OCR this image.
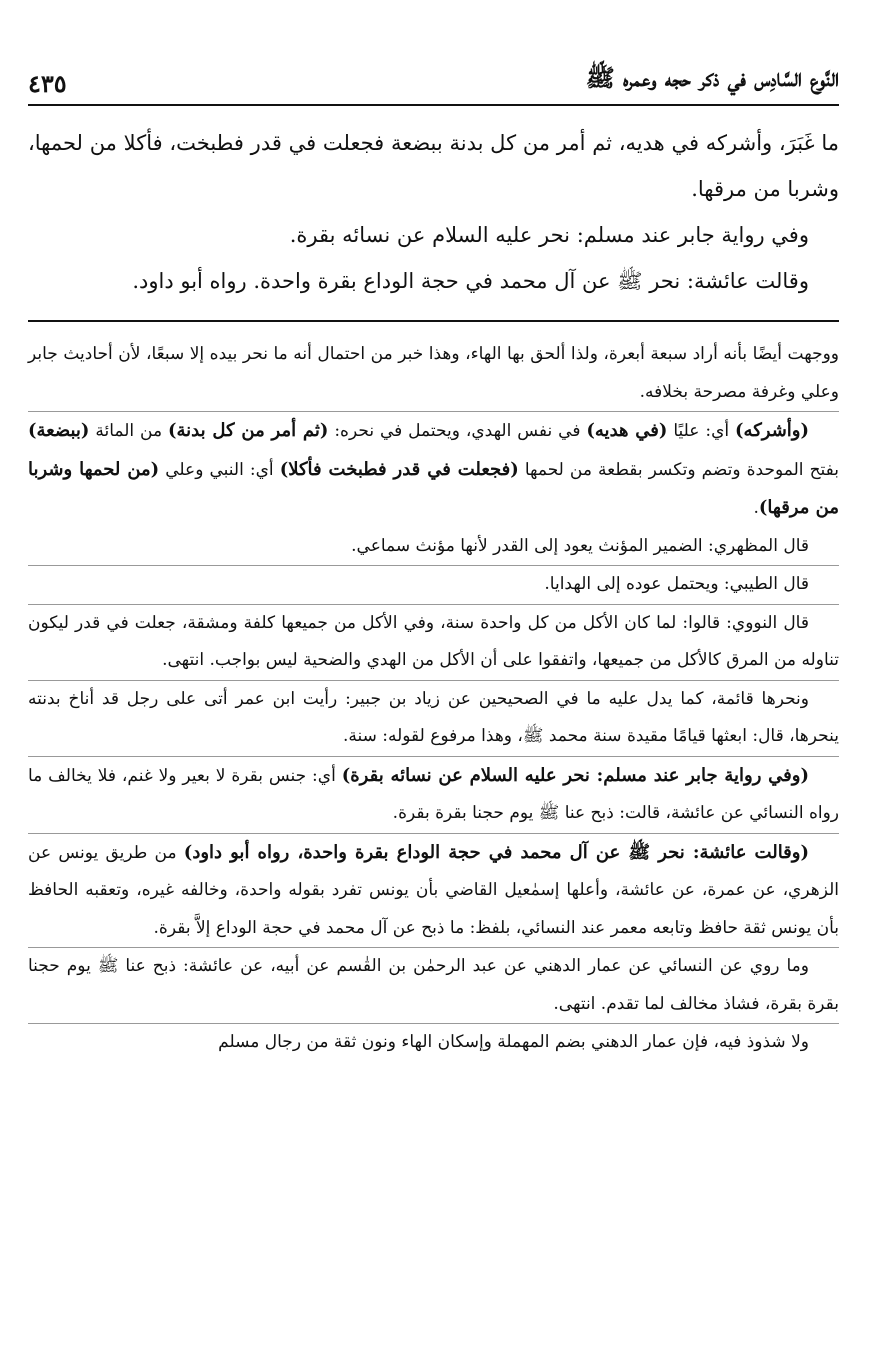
النَّوع السَّادِس في ذكر حجه وعمره ﷺ
٤٣٥

ما غَبَرَ، وأشركه في هديه، ثم أمر من كل بدنة ببضعة فجعلت في قدر فطبخت، فأكلا من لحمها، وشربا من مرقها.

وفي رواية جابر عند مسلم: نحر عليه السلام عن نسائه بقرة.

وقالت عائشة: نحر ﷺ عن آل محمد في حجة الوداع بقرة واحدة. رواه أبو داود.

ووجهت أيضًا بأنه أراد سبعة أبعرة، ولذا ألحق بها الهاء، وهذا خبر من احتمال أنه ما نحر بيده إلا سبعًا، لأن أحاديث جابر وعلي وغرفة مصرحة بخلافه.

(وأشركه) أي: عليًا (في هديه) في نفس الهدي، ويحتمل في نحره: (ثم أمر من كل بدنة) من المائة (ببضعة) بفتح الموحدة وتضم وتكسر بقطعة من لحمها (فجعلت في قدر فطبخت فأكلا) أي: النبي وعلي (من لحمها وشربا من مرقها).

قال المظهري: الضمير المؤنث يعود إلى القدر لأنها مؤنث سماعي.

قال الطيبي: ويحتمل عوده إلى الهدايا.

قال النووي: قالوا: لما كان الأكل من كل واحدة سنة، وفي الأكل من جميعها كلفة ومشقة، جعلت في قدر ليكون تناوله من المرق كالأكل من جميعها، واتفقوا على أن الأكل من الهدي والضحية ليس بواجب. انتهى.

ونحرها قائمة، كما يدل عليه ما في الصحيحين عن زياد بن جبير: رأيت ابن عمر أتى على رجل قد أناخ بدنته ينحرها، قال: ابعثها قيامًا مقيدة سنة محمد ﷺ، وهذا مرفوع لقوله: سنة.

(وفي رواية جابر عند مسلم: نحر عليه السلام عن نسائه بقرة) أي: جنس بقرة لا بعير ولا غنم، فلا يخالف ما رواه النسائي عن عائشة، قالت: ذبح عنا ﷺ يوم حجنا بقرة بقرة.

(وقالت عائشة: نحر ﷺ عن آل محمد في حجة الوداع بقرة واحدة، رواه أبو داود) من طريق يونس عن الزهري، عن عمرة، عن عائشة، وأعلها إسمٰعيل القاضي بأن يونس تفرد بقوله واحدة، وخالفه غيره، وتعقبه الحافظ بأن يونس ثقة حافظ وتابعه معمر عند النسائي، بلفظ: ما ذبح عن آل محمد في حجة الوداع إلاَّ بقرة.

وما روي عن النسائي عن عمار الدهني عن عبد الرحمٰن بن القٰسم عن أبيه، عن عائشة: ذبح عنا ﷺ يوم حجنا بقرة بقرة، فشاذ مخالف لما تقدم. انتهى.

ولا شذوذ فيه، فإن عمار الدهني بضم المهملة وإسكان الهاء ونون ثقة من رجال مسلم
